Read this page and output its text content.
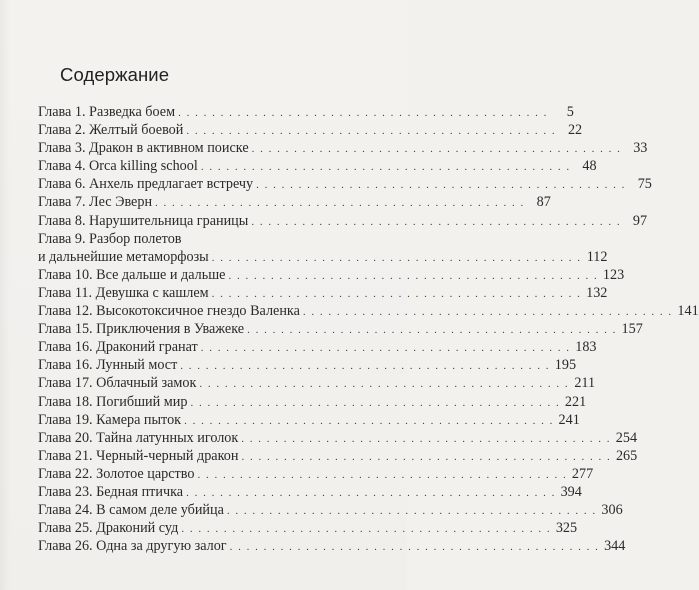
Содержание
Глава 1. Разведка боем . . . . . . . . . . . . . . . . . . . . . . . . . . . . . . . . . . . . . . . . . . . .	5
Глава 2. Желтый боевой . . . . . . . . . . . . . . . . . . . . . . . . . . . . . . . . . . . . . . . . . . . . 22
Глава 3. Дракон в активном поиске . . . . . . . . . . . . . . . . . . . . . . . . . . . . . . . . . . . . . . . . . . . . 33
Глава 4. Orca killing school . . . . . . . . . . . . . . . . . . . . . . . . . . . . . . . . . . . . . . . . . . . . 48
Глава 6. Анхель предлагает встречу . . . . . . . . . . . . . . . . . . . . . . . . . . . . . . . . . . . . . . . . . . . . 75
Глава 7. Лес Эверн . . . . . . . . . . . . . . . . . . . . . . . . . . . . . . . . . . . . . . . . . . . . 87
Глава 8. Нарушительница границы . . . . . . . . . . . . . . . . . . . . . . . . . . . . . . . . . . . . . . . . . . . . 97
Глава 9. Разбор полетов
и дальнейшие метаморфозы . . . . . . . . . . . . . . . . . . . . . . . . . . . . . . . . . . . . . . . . . . . . 112
Глава 10. Все дальше и дальше . . . . . . . . . . . . . . . . . . . . . . . . . . . . . . . . . . . . . . . . . . . . 123
Глава 11. Девушка с кашлем . . . . . . . . . . . . . . . . . . . . . . . . . . . . . . . . . . . . . . . . . . . . 132
Глава 12. Высокотоксичное гнездо Валенка . . . . . . . . . . . . . . . . . . . . . . . . . . . . . . . . . . . . . . . . . . . . 141
Глава 15. Приключения в Уважеке . . . . . . . . . . . . . . . . . . . . . . . . . . . . . . . . . . . . . . . . . . . . 157
Глава 16. Драконий гранат . . . . . . . . . . . . . . . . . . . . . . . . . . . . . . . . . . . . . . . . . . . . 183
Глава 16. Лунный мост . . . . . . . . . . . . . . . . . . . . . . . . . . . . . . . . . . . . . . . . . . . . 195
Глава 17. Облачный замок . . . . . . . . . . . . . . . . . . . . . . . . . . . . . . . . . . . . . . . . . . . . 211
Глава 18. Погибший мир . . . . . . . . . . . . . . . . . . . . . . . . . . . . . . . . . . . . . . . . . . . . 221
Глава 19. Камера пыток . . . . . . . . . . . . . . . . . . . . . . . . . . . . . . . . . . . . . . . . . . . . 241
Глава 20. Тайна латунных иголок . . . . . . . . . . . . . . . . . . . . . . . . . . . . . . . . . . . . . . . . . . . . 254
Глава 21. Черный-черный дракон . . . . . . . . . . . . . . . . . . . . . . . . . . . . . . . . . . . . . . . . . . . . 265
Глава 22. Золотое царство . . . . . . . . . . . . . . . . . . . . . . . . . . . . . . . . . . . . . . . . . . . . 277
Глава 23. Бедная птичка . . . . . . . . . . . . . . . . . . . . . . . . . . . . . . . . . . . . . . . . . . . . 394
Глава 24. В самом деле убийца . . . . . . . . . . . . . . . . . . . . . . . . . . . . . . . . . . . . . . . . . . . . 306
Глава 25. Драконий суд . . . . . . . . . . . . . . . . . . . . . . . . . . . . . . . . . . . . . . . . . . . . 325
Глава 26. Одна за другую залог . . . . . . . . . . . . . . . . . . . . . . . . . . . . . . . . . . . . . . . . . . . . 344
